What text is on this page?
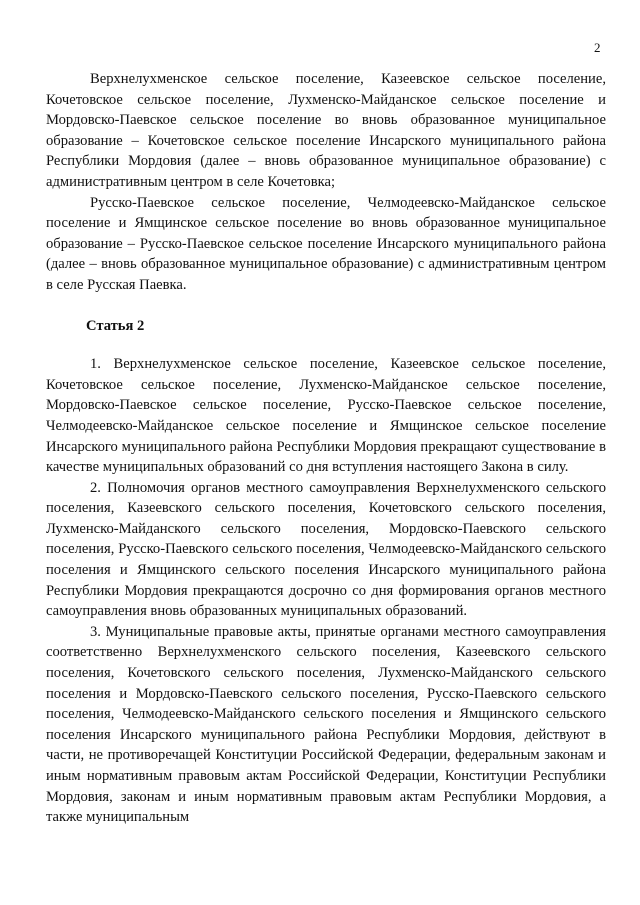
2

Верхнелухменское сельское поселение, Казеевское сельское поселение, Кочетовское сельское поселение, Лухменско-Майданское сельское поселение и Мордовско-Паевское сельское поселение во вновь образованное муниципальное образование – Кочетовское сельское поселение Инсарского муниципального района Республики Мордовия (далее – вновь образованное муниципальное образование) с административным центром в селе Кочетовка;

Русско-Паевское сельское поселение, Челмодеевско-Майданское сельское поселение и Ямщинское сельское поселение во вновь образованное муниципальное образование – Русско-Паевское сельское поселение Инсарского муниципального района (далее – вновь образованное муниципальное образование) с административным центром в селе Русская Паевка.

Статья 2

1. Верхнелухменское сельское поселение, Казеевское сельское поселение, Кочетовское сельское поселение, Лухменско-Майданское сельское поселение, Мордовско-Паевское сельское поселение, Русско-Паевское сельское поселение, Челмодеевско-Майданское сельское поселение и Ямщинское сельское поселение Инсарского муниципального района Республики Мордовия прекращают существование в качестве муниципальных образований со дня вступления настоящего Закона в силу.

2. Полномочия органов местного самоуправления Верхнелухменского сельского поселения, Казеевского сельского поселения, Кочетовского сельского поселения, Лухменско-Майданского сельского поселения, Мордовско-Паевского сельского поселения, Русско-Паевского сельского поселения, Челмодеевско-Майданского сельского поселения и Ямщинского сельского поселения Инсарского муниципального района Республики Мордовия прекращаются досрочно со дня формирования органов местного самоуправления вновь образованных муниципальных образований.

3. Муниципальные правовые акты, принятые органами местного самоуправления соответственно Верхнелухменского сельского поселения, Казеевского сельского поселения, Кочетовского сельского поселения, Лухменско-Майданского сельского поселения и Мордовско-Паевского сельского поселения, Русско-Паевского сельского поселения, Челмодеевско-Майданского сельского поселения и Ямщинского сельского поселения Инсарского муниципального района Республики Мордовия, действуют в части, не противоречащей Конституции Российской Федерации, федеральным законам и иным нормативным правовым актам Российской Федерации, Конституции Республики Мордовия, законам и иным нормативным правовым актам Республики Мордовия, а также муниципальным
